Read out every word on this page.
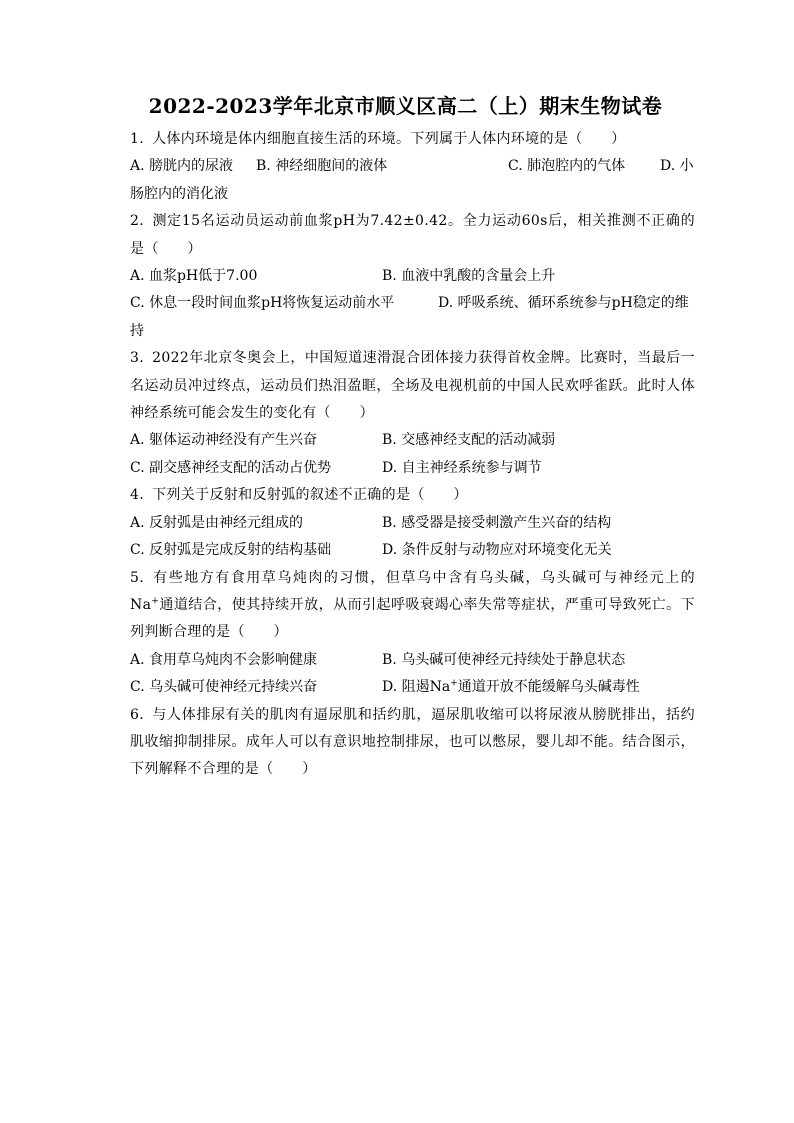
2022-2023学年北京市顺义区高二（上）期末生物试卷
1. 人体内环境是体内细胞直接生活的环境。下列属于人体内环境的是（　　）
A. 膀胱内的尿液 B. 神经细胞间的液体	C. 肺泡腔内的气体 D. 小肠腔内的消化液
2. 测定15名运动员运动前血浆pH为7.42±0.42。全力运动60s后，相关推测不正确的是（　　）
A. 血浆pH低于7.00	B. 血液中乳酸的含量会上升
C. 休息一段时间血浆pH将恢复运动前水平	D. 呼吸系统、循环系统参与pH稳定的维持
3. 2022年北京冬奥会上，中国短道速滑混合团体接力获得首枚金牌。比赛时，当最后一名运动员冲过终点，运动员们热泪盈眶，全场及电视机前的中国人民欢呼雀跃。此时人体神经系统可能会发生的变化有（　　）
A. 躯体运动神经没有产生兴奋	B. 交感神经支配的活动减弱
C. 副交感神经支配的活动占优势	D. 自主神经系统参与调节
4. 下列关于反射和反射弧的叙述不正确的是（　　）
A. 反射弧是由神经元组成的	B. 感受器是接受刺激产生兴奋的结构
C. 反射弧是完成反射的结构基础	D. 条件反射与动物应对环境变化无关
5. 有些地方有食用草乌炖肉的习惯，但草乌中含有乌头碱，乌头碱可与神经元上的Na+通道结合，使其持续开放，从而引起呼吸衰竭心率失常等症状，严重可导致死亡。下列判断合理的是（　　）
A. 食用草乌炖肉不会影响健康	B. 乌头碱可使神经元持续处于静息状态
C. 乌头碱可使神经元持续兴奋	D. 阻遏Na+通道开放不能缓解乌头碱毒性
6. 与人体排尿有关的肌肉有逼尿肌和括约肌，逼尿肌收缩可以将尿液从膀胱排出，括约肌收缩抑制排尿。成年人可以有意识地控制排尿，也可以憋尿，婴儿却不能。结合图示，下列解释不合理的是（　　）
